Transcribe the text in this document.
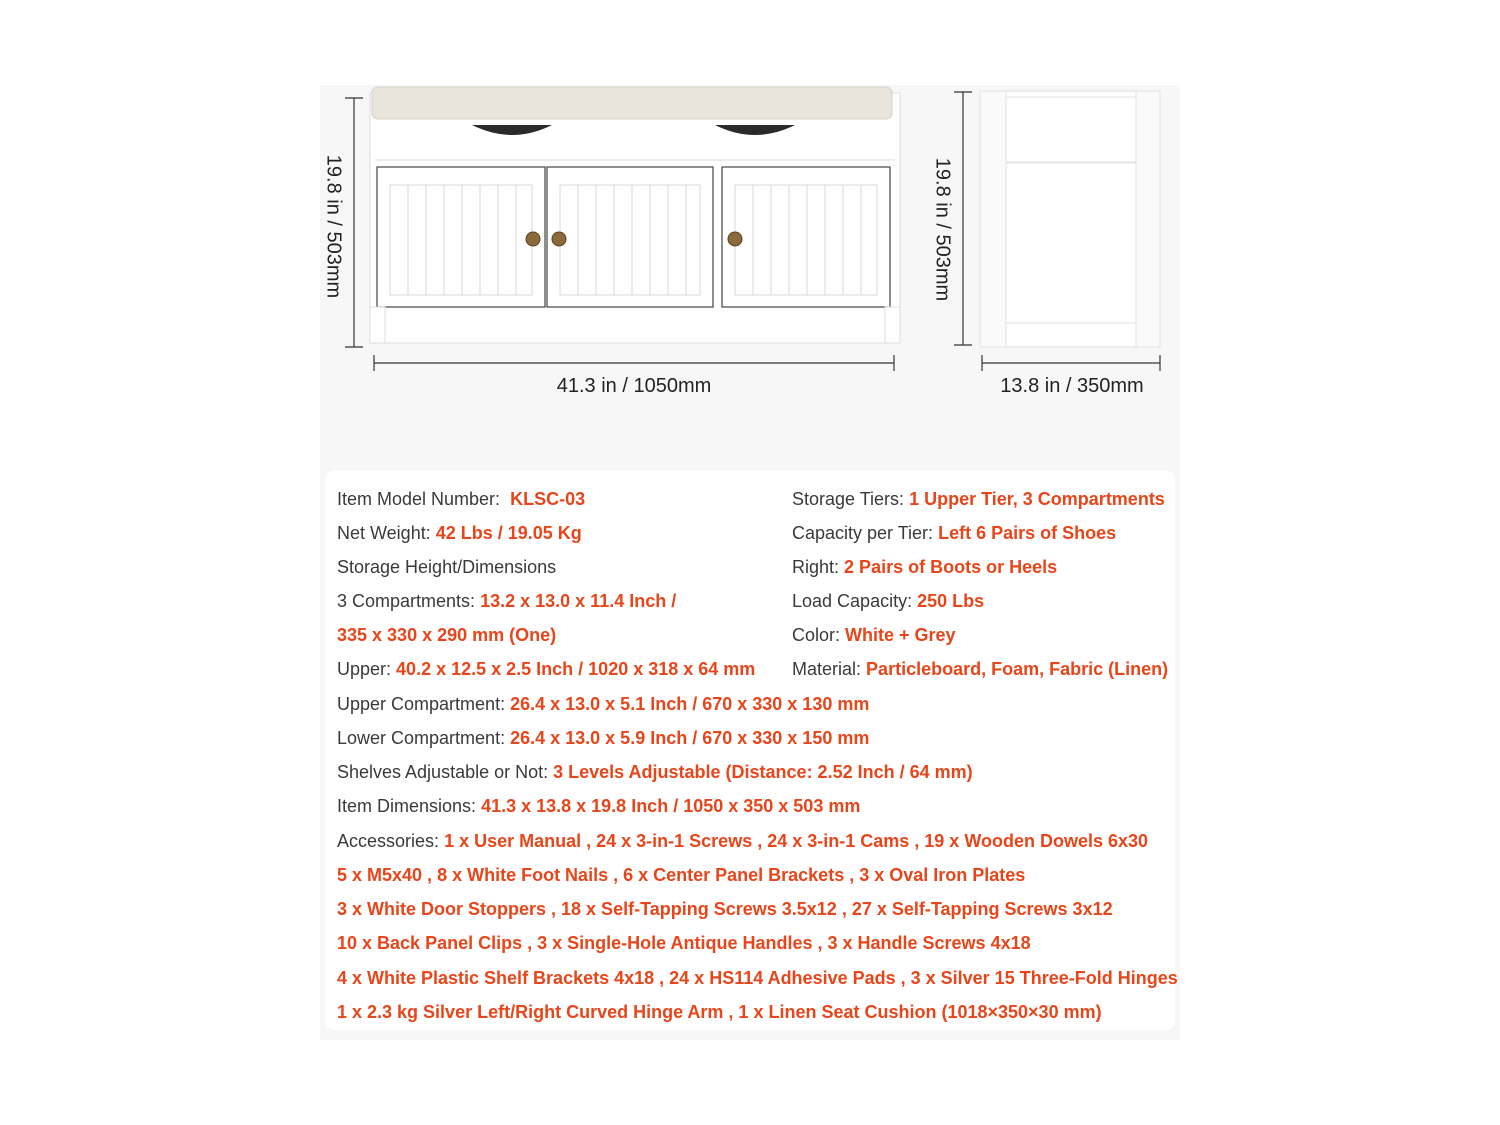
19.8 in / 503mm
41.3 in / 1050mm
19.8 in / 503mm
13.8 in / 350mm
Item Model Number: KLSC-03
Net Weight: 42 Lbs / 19.05 Kg
Storage Height/Dimensions
3 Compartments: 13.2 x 13.0 x 11.4 Inch /
335 x 330 x 290 mm (One)
Upper: 40.2 x 12.5 x 2.5 Inch / 1020 x 318 x 64 mm
Storage Tiers: 1 Upper Tier, 3 Compartments
Capacity per Tier: Left 6 Pairs of Shoes
Right: 2 Pairs of Boots or Heels
Load Capacity: 250 Lbs
Color: White + Grey
Material: Particleboard, Foam, Fabric (Linen)
Upper Compartment: 26.4 x 13.0 x 5.1 Inch / 670 x 330 x 130 mm
Lower Compartment: 26.4 x 13.0 x 5.9 Inch / 670 x 330 x 150 mm
Shelves Adjustable or Not: 3 Levels Adjustable (Distance: 2.52 Inch / 64 mm)
Item Dimensions: 41.3 x 13.8 x 19.8 Inch / 1050 x 350 x 503 mm
Accessories: 1 x User Manual , 24 x 3-in-1 Screws , 24 x 3-in-1 Cams , 19 x Wooden Dowels 6x30
5 x M5x40 , 8 x White Foot Nails , 6 x Center Panel Brackets , 3 x Oval Iron Plates
3 x White Door Stoppers , 18 x Self-Tapping Screws 3.5x12 , 27 x Self-Tapping Screws 3x12
10 x Back Panel Clips , 3 x Single-Hole Antique Handles , 3 x Handle Screws 4x18
4 x White Plastic Shelf Brackets 4x18 , 24 x HS114 Adhesive Pads , 3 x Silver 15 Three-Fold Hinges
1 x 2.3 kg Silver Left/Right Curved Hinge Arm , 1 x Linen Seat Cushion (1018×350×30 mm)
